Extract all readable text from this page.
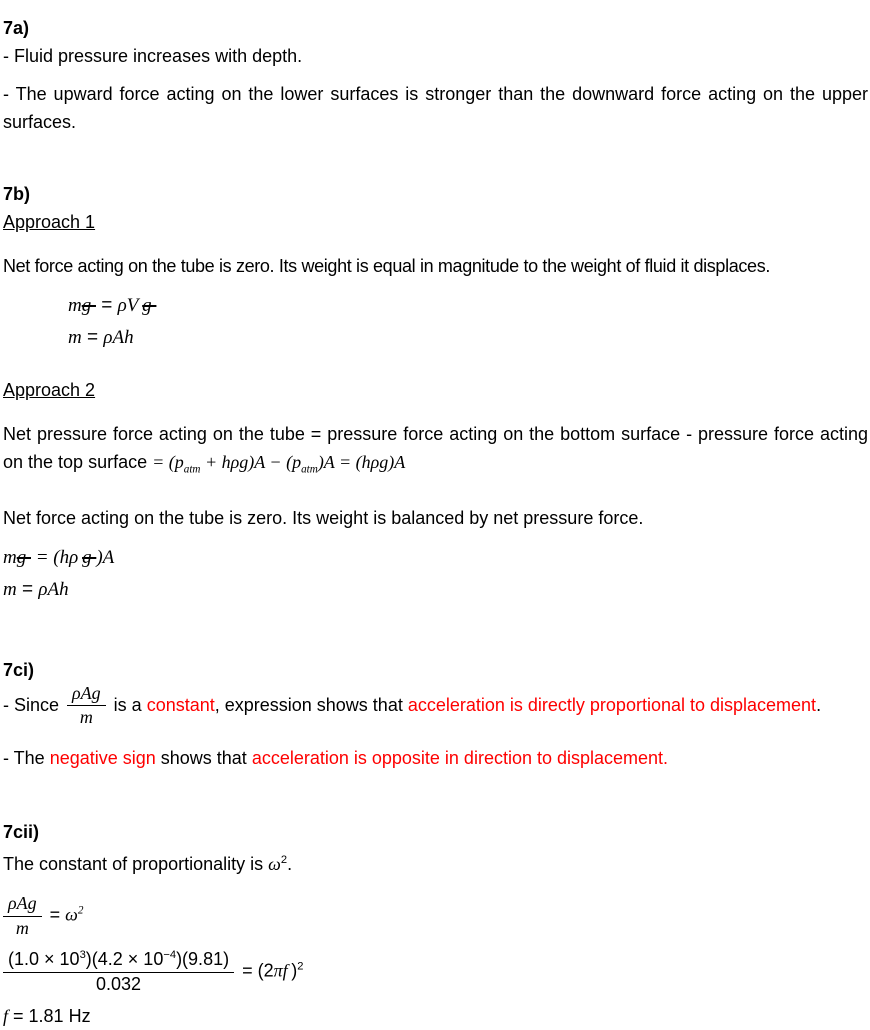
7a)

- Fluid pressure increases with depth.

- The upward force acting on the lower surfaces is stronger than the downward force acting on the upper surfaces.

7b)

Approach 1

Net force acting on the tube is zero. Its weight is equal in magnitude to the weight of fluid it displaces.

mg  = ρV g
m = ρAh

Approach 2

Net pressure force acting on the tube = pressure force acting on the bottom surface - pressure force acting on the top surface = $(p_{atm} + h\rho g)A - (p_{atm})A = (h\rho g)A$

Net force acting on the tube is zero. Its weight is balanced by net pressure force.

mg  = (hρ g )A
m = ρAh

7ci)

- Since $\frac{\text{ρAg}}{m}$ is a constant, expression shows that acceleration is directly proportional to displacement.

- The negative sign shows that acceleration is opposite in direction to displacement.

7cii)

The constant of proportionality is $\omega^2$.

$\frac{\text{ρAg}}{m} = \omega^2$
$\frac{(1.0 \times 10^3)(4.2 \times 10^{-4})(9.81)}{0.032} = (2\pi f$ )$^2$

f = 1.81 Hz
